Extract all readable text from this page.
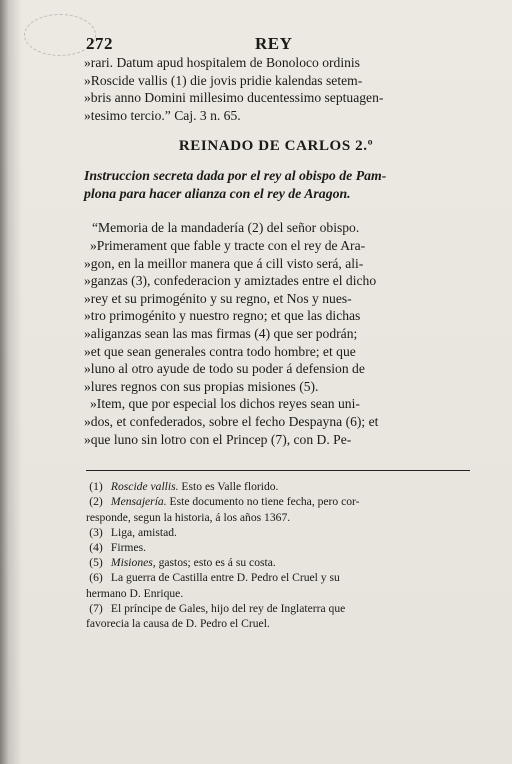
272	REY
»rari. Datum apud hospitalem de Bonoloco ordinis
»Roscide vallis (1) die jovis pridie kalendas setem-
»bris anno Domini millesimo ducentessimo septuagen-
»tesimo tercio.” Caj. 3 n. 65.
REINADO DE CARLOS 2.º
Instruccion secreta dada por el rey al obispo de Pam-
plona para hacer alianza con el rey de Aragon.
“Memoria de la mandadería (2) del señor obispo.
»Primerament que fable y tracte con el rey de Ara-
»gon, en la meillor manera que á cill visto será, ali-
»ganzas (3), confederacion y amiztades entre el dicho
»rey et su primogénito y su regno, et Nos y nues-
»tro primogénito y nuestro regno; et que las dichas
»aliganzas sean las mas firmas (4) que ser podrán;
»et que sean generales contra todo hombre; et que
»luno al otro ayude de todo su poder á defension de
»lures regnos con sus propias misiones (5).
»Item, que por especial los dichos reyes sean uni-
»dos, et confederados, sobre el fecho Despayna (6); et
»que luno sin lotro con el Princep (7), con D. Pe-
(1) Roscide vallis. Esto es Valle florido.
(2) Mensajería. Este documento no tiene fecha, pero cor-
responde, segun la historia, á los años 1367.
(3) Liga, amistad.
(4) Firmes.
(5) Misiones, gastos; esto es á su costa.
(6) La guerra de Castilla entre D. Pedro el Cruel y su
hermano D. Enrique.
(7) El príncipe de Gales, hijo del rey de Inglaterra que
favorecia la causa de D. Pedro el Cruel.
